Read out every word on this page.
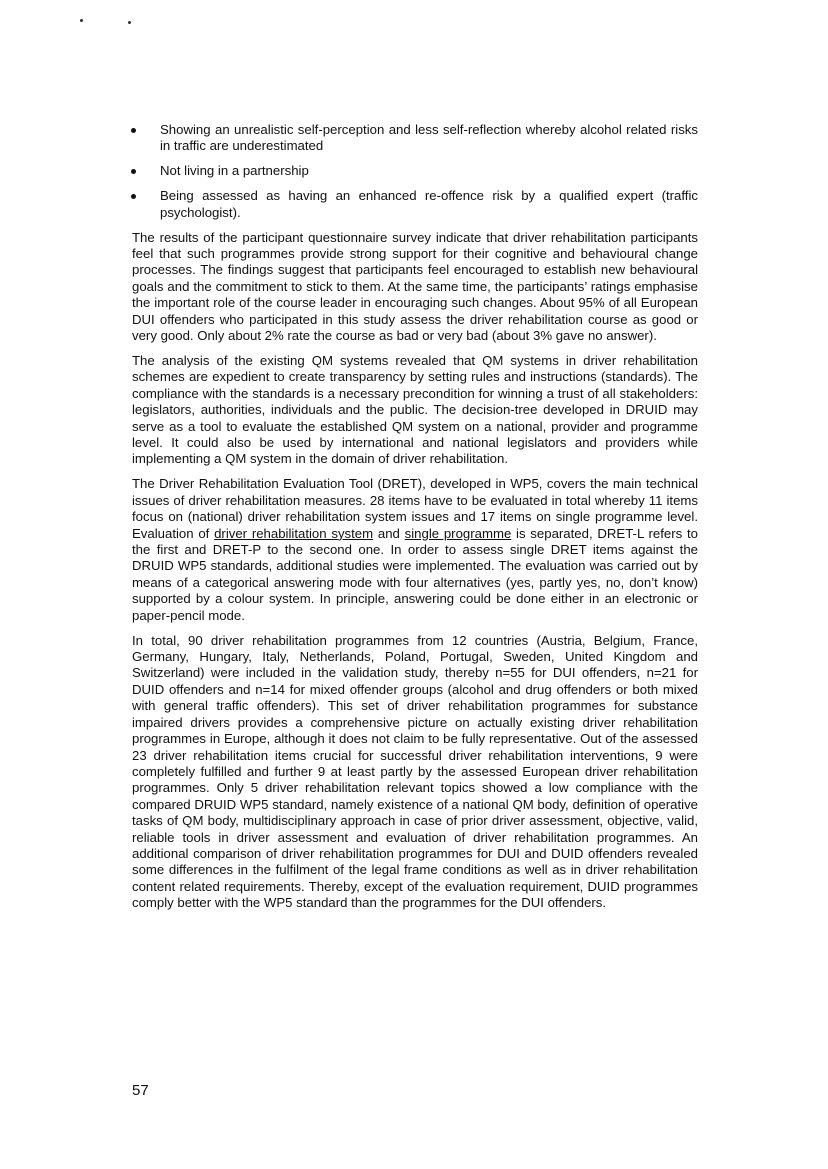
Showing an unrealistic self-perception and less self-reflection whereby alcohol related risks in traffic are underestimated
Not living in a partnership
Being assessed as having an enhanced re-offence risk by a qualified expert (traffic psychologist).

The results of the participant questionnaire survey indicate that driver rehabilitation participants feel that such programmes provide strong support for their cognitive and behavioural change processes. The findings suggest that participants feel encouraged to establish new behavioural goals and the commitment to stick to them. At the same time, the participants’ ratings emphasise the important role of the course leader in encouraging such changes. About 95% of all European DUI offenders who participated in this study assess the driver rehabilitation course as good or very good. Only about 2% rate the course as bad or very bad (about 3% gave no answer).

The analysis of the existing QM systems revealed that QM systems in driver rehabilitation schemes are expedient to create transparency by setting rules and instructions (standards). The compliance with the standards is a necessary precondition for winning a trust of all stakeholders: legislators, authorities, individuals and the public. The decision-tree developed in DRUID may serve as a tool to evaluate the established QM system on a national, provider and programme level. It could also be used by international and national legislators and providers while implementing a QM system in the domain of driver rehabilitation.

The Driver Rehabilitation Evaluation Tool (DRET), developed in WP5, covers the main technical issues of driver rehabilitation measures. 28 items have to be evaluated in total whereby 11 items focus on (national) driver rehabilitation system issues and 17 items on single programme level. Evaluation of driver rehabilitation system and single programme is separated, DRET-L refers to the first and DRET-P to the second one. In order to assess single DRET items against the DRUID WP5 standards, additional studies were implemented. The evaluation was carried out by means of a categorical answering mode with four alternatives (yes, partly yes, no, don’t know) supported by a colour system. In principle, answering could be done either in an electronic or paper-pencil mode.

In total, 90 driver rehabilitation programmes from 12 countries (Austria, Belgium, France, Germany, Hungary, Italy, Netherlands, Poland, Portugal, Sweden, United Kingdom and Switzerland) were included in the validation study, thereby n=55 for DUI offenders, n=21 for DUID offenders and n=14 for mixed offender groups (alcohol and drug offenders or both mixed with general traffic offenders). This set of driver rehabilitation programmes for substance impaired drivers provides a comprehensive picture on actually existing driver rehabilitation programmes in Europe, although it does not claim to be fully representative. Out of the assessed 23 driver rehabilitation items crucial for successful driver rehabilitation interventions, 9 were completely fulfilled and further 9 at least partly by the assessed European driver rehabilitation programmes. Only 5 driver rehabilitation relevant topics showed a low compliance with the compared DRUID WP5 standard, namely existence of a national QM body, definition of operative tasks of QM body, multidisciplinary approach in case of prior driver assessment, objective, valid, reliable tools in driver assessment and evaluation of driver rehabilitation programmes. An additional comparison of driver rehabilitation programmes for DUI and DUID offenders revealed some differences in the fulfilment of the legal frame conditions as well as in driver rehabilitation content related requirements. Thereby, except of the evaluation requirement, DUID programmes comply better with the WP5 standard than the programmes for the DUI offenders.

57
